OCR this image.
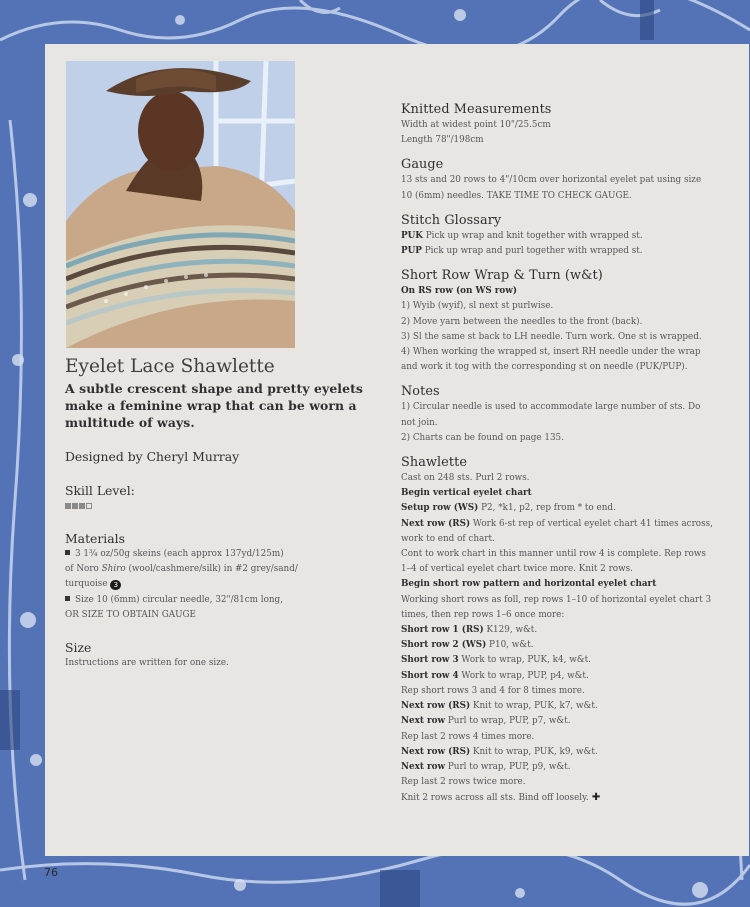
Eyelet Lace Shawlette

A subtle crescent shape and pretty eyelets
make a feminine wrap that can be worn a
multitude of ways.

Designed by Cheryl Murray

Skill Level:

Materials

3 1¾ oz/50g skeins (each approx 137yd/125m)
of Noro Shiro (wool/cashmere/silk) in #2 grey/sand/
turquoise 3

Size 10 (6mm) circular needle, 32"/81cm long,
OR SIZE TO OBTAIN GAUGE

Size

Instructions are written for one size.

Knitted Measurements

Width at widest point 10"/25.5cm
Length 78"/198cm

Gauge

13 sts and 20 rows to 4"/10cm over horizontal eyelet pat using size
10 (6mm) needles. TAKE TIME TO CHECK GAUGE.

Stitch Glossary

PUK Pick up wrap and knit together with wrapped st.
PUP Pick up wrap and purl together with wrapped st.

Short Row Wrap & Turn (w&t)

On RS row (on WS row)
1) Wyib (wyif), sl next st purlwise.
2) Move yarn between the needles to the front (back).
3) Sl the same st back to LH needle. Turn work. One st is wrapped.
4) When working the wrapped st, insert RH needle under the wrap
and work it tog with the corresponding st on needle (PUK/PUP).

Notes

1) Circular needle is used to accommodate large number of sts. Do
not join.
2) Charts can be found on page 135.

Shawlette

Cast on 248 sts. Purl 2 rows.
Begin vertical eyelet chart
Setup row (WS) P2, *k1, p2, rep from * to end.
Next row (RS) Work 6-st rep of vertical eyelet chart 41 times across,
work to end of chart.
Cont to work chart in this manner until row 4 is complete. Rep rows
1–4 of vertical eyelet chart twice more. Knit 2 rows.
Begin short row pattern and horizontal eyelet chart
Working short rows as foll, rep rows 1–10 of horizontal eyelet chart 3
times, then rep rows 1–6 once more:
Short row 1 (RS) K129, w&t.
Short row 2 (WS) P10, w&t.
Short row 3 Work to wrap, PUK, k4, w&t.
Short row 4 Work to wrap, PUP, p4, w&t.
Rep short rows 3 and 4 for 8 times more.
Next row (RS) Knit to wrap, PUK, k7, w&t.
Next row Purl to wrap, PUP, p7, w&t.
Rep last 2 rows 4 times more.
Next row (RS) Knit to wrap, PUK, k9, w&t.
Next row Purl to wrap, PUP, p9, w&t.
Rep last 2 rows twice more.
Knit 2 rows across all sts. Bind off loosely. ✚

76
